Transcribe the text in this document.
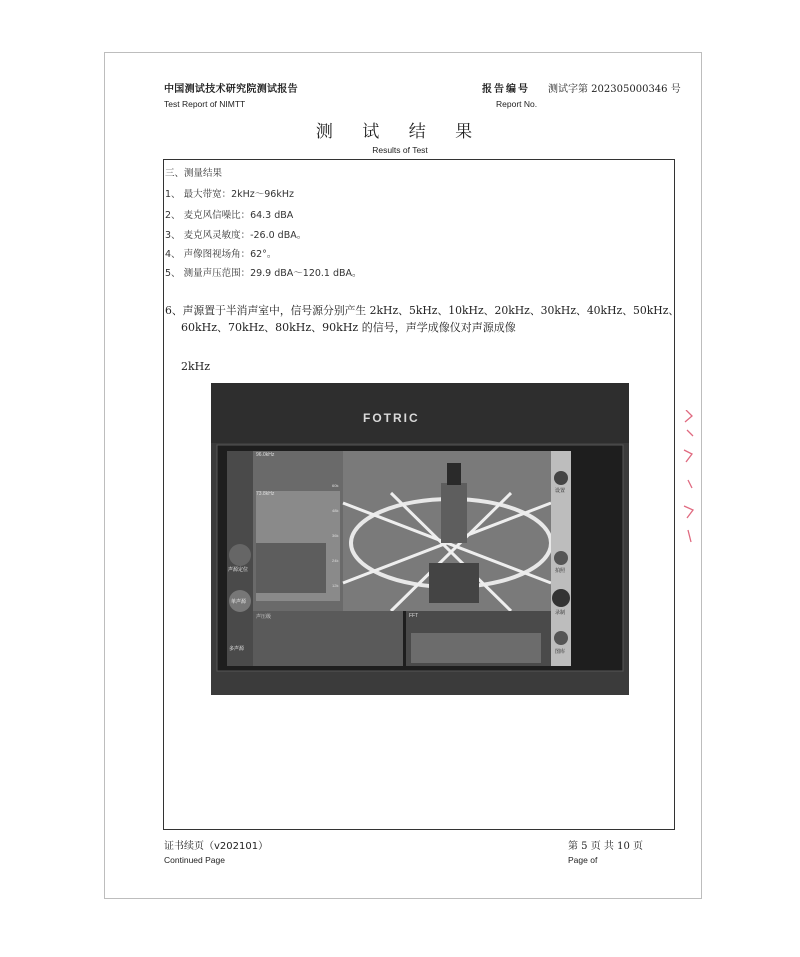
中国测试技术研究院测试报告
Test Report of NIMTT
报告编号 测试字第 202305000346 号
Report No.
测 试 结 果
Results of Test
三、测量结果
1、 最大带宽：2kHz～96kHz
2、 麦克风信噪比：64.3 dBA
3、 麦克风灵敏度：-26.0 dBA。
4、 声像图视场角：62°。
5、 测量声压范围：29.9 dBA～120.1 dBA。
6、声源置于半消声室中，信号源分别产生 2kHz、5kHz、10kHz、20kHz、30kHz、40kHz、50kHz、
60kHz、70kHz、80kHz、90kHz 的信号，声学成像仪对声源成像
2kHz
FOTRIC
96.0kHz
73.8kHz
声源定位
单声源
多声源
设置
拍照
录制
图库
声压级	FFT
12k
24k
36k
48k
60k
证书续页（v202101）
Continued Page
第 5 页 共 10 页
Page of
